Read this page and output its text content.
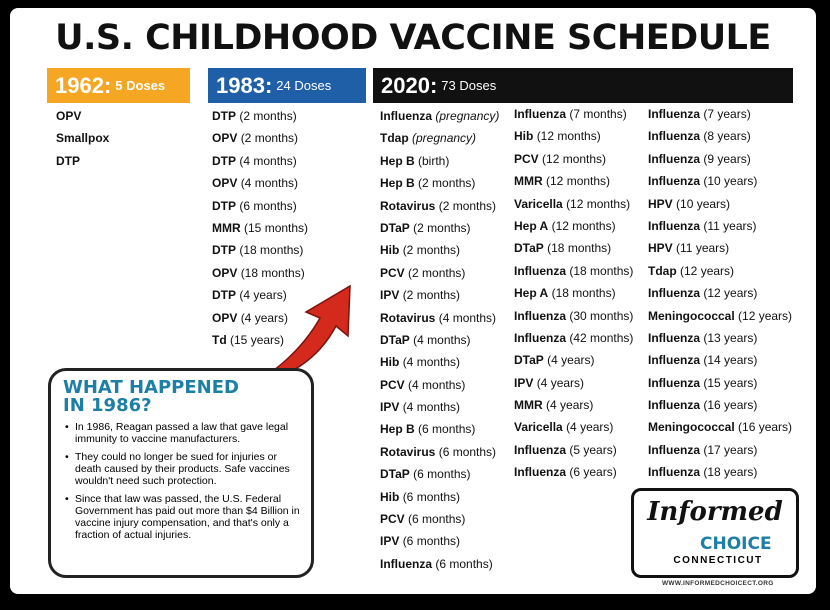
U.S. CHILDHOOD VACCINE SCHEDULE
1962: 5 Doses 1983: 24 Doses 2020: 73 Doses
OPV
Smallpox
DTP
DTP (2 months)
OPV (2 months)
DTP (4 months)
OPV (4 months)
DTP (6 months)
MMR (15 months)
DTP (18 months)
OPV (18 months)
DTP (4 years)
OPV (4 years)
Td (15 years)
Influenza (pregnancy)
Tdap (pregnancy)
Hep B (birth)
Hep B (2 months)
Rotavirus (2 months)
DTaP (2 months)
Hib (2 months)
PCV (2 months)
IPV (2 months)
Rotavirus (4 months)
DTaP (4 months)
Hib (4 months)
PCV (4 months)
IPV (4 months)
Hep B (6 months)
Rotavirus (6 months)
DTaP (6 months)
Hib (6 months)
PCV (6 months)
IPV (6 months)
Influenza (6 months)
Influenza (7 months)
Hib (12 months)
PCV (12 months)
MMR (12 months)
Varicella (12 months)
Hep A (12 months)
DTaP (18 months)
Influenza (18 months)
Hep A (18 months)
Influenza (30 months)
Influenza (42 months)
DTaP (4 years)
IPV (4 years)
MMR (4 years)
Varicella (4 years)
Influenza (5 years)
Influenza (6 years)
Influenza (7 years)
Influenza (8 years)
Influenza (9 years)
Influenza (10 years)
HPV (10 years)
Influenza (11 years)
HPV (11 years)
Tdap (12 years)
Influenza (12 years)
Meningococcal (12 years)
Influenza (13 years)
Influenza (14 years)
Influenza (15 years)
Influenza (16 years)
Meningococcal (16 years)
Influenza (17 years)
Influenza (18 years)
WHAT HAPPENED
IN 1986?
• In 1986, Reagan passed a law that gave legal immunity to vaccine manufacturers.
• They could no longer be sued for injuries or death caused by their products. Safe vaccines wouldn't need such protection.
• Since that law was passed, the U.S. Federal Government has paid out more than $4 Billion in vaccine injury compensation, and that's only a fraction of actual injuries.
Informed
CHOICE
CONNECTICUT
WWW.INFORMEDCHOICECT.ORG
